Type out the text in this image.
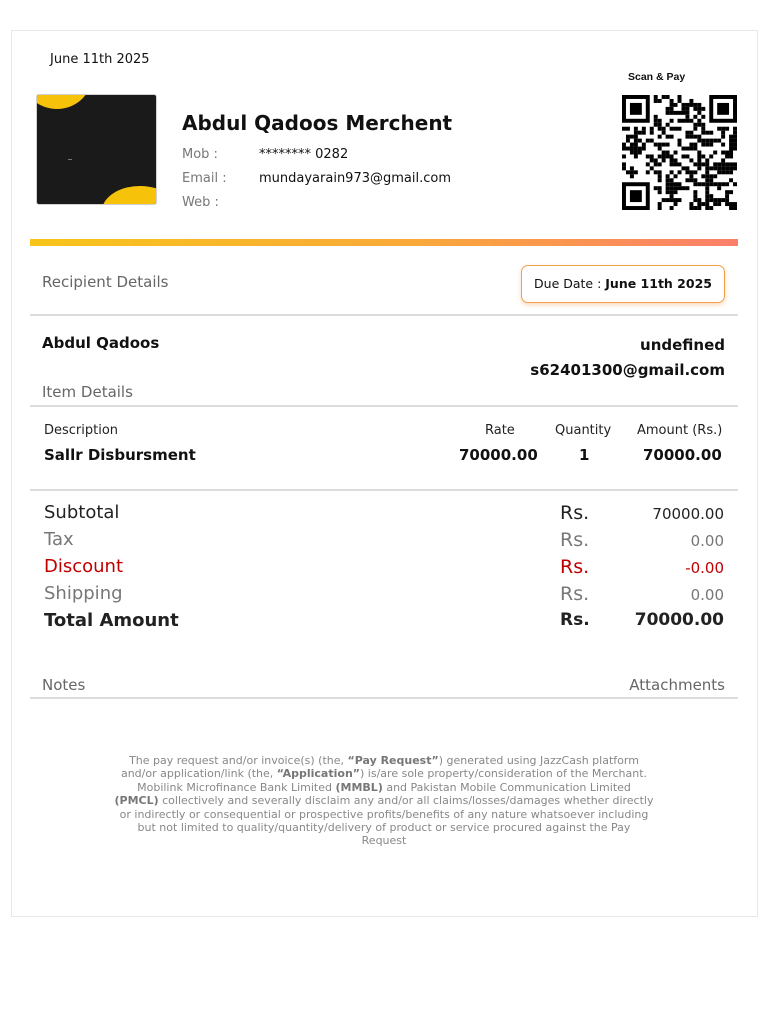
June 11th 2025
Abdul Qadoos Merchent
Mob :	******** 0282
Email : mundayarain973@gmail.com
Web :
Scan & Pay
Recipient Details	Due Date : June 11th 2025
Abdul Qadoos	undefined
s62401300@gmail.com
Item Details
Description	Rate	Quantity Amount (Rs.)
Sallr Disbursment	70000.00	1	70000.00
Subtotal	Rs.	70000.00
Tax	Rs.	0.00
Discount	Rs.	-0.00
Shipping	Rs.	0.00
Total Amount	Rs.	70000.00
Notes	Attachments
The pay request and/or invoice(s) (the, “Pay Request”) generated using JazzCash platform and/or application/link (the, “Application”) is/are sole property/consideration of the Merchant. Mobilink Microfinance Bank Limited (MMBL) and Pakistan Mobile Communication Limited (PMCL) collectively and severally disclaim any and/or all claims/losses/damages whether directly or indirectly or consequential or prospective profits/benefits of any nature whatsoever including but not limited to quality/quantity/delivery of product or service procured against the Pay Request
